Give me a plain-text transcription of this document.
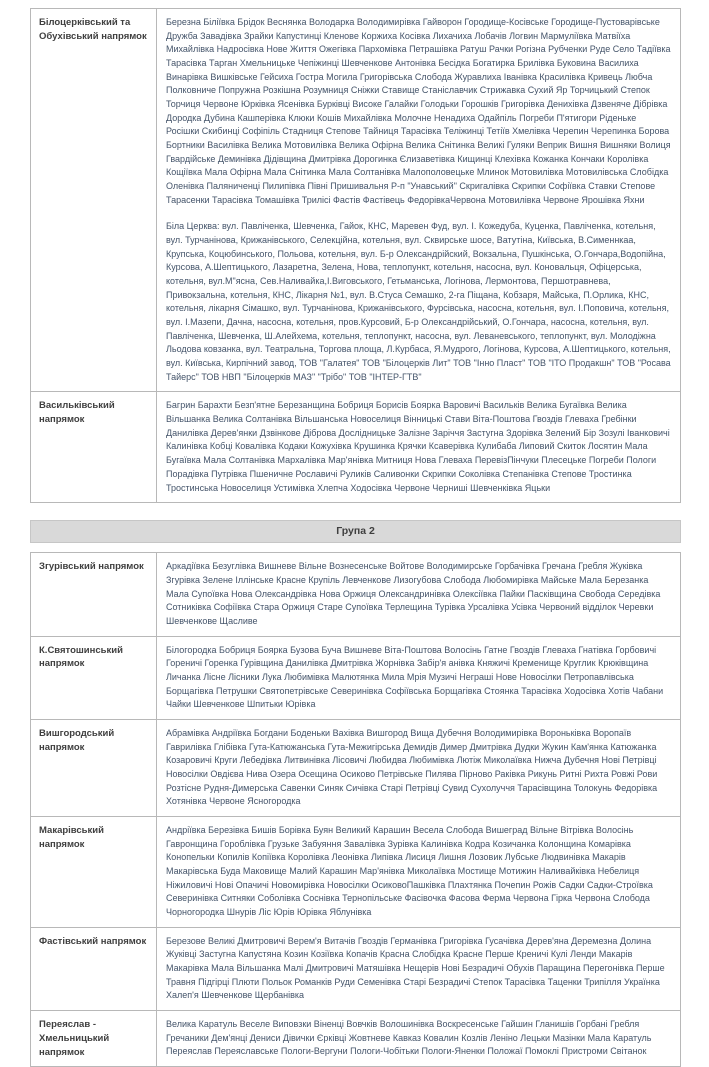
Білоцерківський та Обухівський напрямок	Березна Біліївка Брідок Веснянка Володарка Володимирівка Гайворон Городище-Косівське Городище-Пустоварівське Дружба Завадівка Зрайки Капустинці Кленове Коржиха Косівка Лихачиха Лобачів Логвин Мармуліївка Матвіїха Михайлівка Надросівка Нове Життя Ожегівка Пархомівка Петрашівка Ратуш Рачки Рогізна Рубченки Руде Село Тадіївка Тарасівка Тарган Хмельницьке Чепіжинці Шевченкове Антонівка Бесідка Богатирка Брилівка Буковина Василиха Винарівка Вишківське Гейсиха Гостра Могила Григорівська Слобода Журавлиха Іванівка Красилівка Кривець Любча Полковниче Попружна Розкішна Розумниця Сніжки Ставище Станіславчик Стрижавка Сухий Яр Торчицький Степок Торчиця Червоне Юрківка Ясенівка Бурківці Високе Галайки Голодьки Горошків Григорівка Денихівка Дзвеняче Дібрівка Дородка Дубина Кашперівка Клюки Кошів Михайлівка Молочне Ненадиха Одайпіль Погреби П'ятигори Ріденьке Росішки Скибинці Софіпіль Стадниця Степове Тайниця Тарасівка Теліжинці Тетіїв Хмелівка Черепин Черепинка Борова Бортники Василівка Велика Мотовилівка Велика Офірна Велика Снітинка Великі Гуляки Веприк Вишня Вишняки Волиця Гвардійське Деминівка Дідівщина Дмитрівка Дорогинка Єлизаветівка Кищинці Клехівка Кожанка Кончаки Королівка Кощіївка Мала Офірна Мала Снітинка Мала Солтанівка Малополовецьке Млинок Мотовилівка Мотовилівська Слобідка Оленівка Паляниченці Пилипівка Півні Пришивальня Р-п "Унавський" Скригалівка Скрипки Софіївка Ставки Степове Тарасенки Тарасівка Томашівка Трилісі Фастів Фастівець ФедорівкаЧервона Мотовилівка Червоне Ярошівка Яхни

Біла Церква: вул. Павліченка, Шевченка, Гайок, КНС, Маревен Фуд, вул. І. Кожедуба, Куценка, Павліченка, котельня, вул. Турчанінова, Крижанівського, Селекційна, котельня, вул. Сквирське шосе, Ватутіна, Київська, В.Сименнкаа, Крупська, Коцюбинського, Польова, котельня, вул. Б-р Олександрійский, Вокзальна, Пушкінська, О.Гончара,Водопійна, Курсова, А.Шептицького, Лазаретна, Зелена, Нова, теплопункт, котельня, насосна, вул. Коновальця, Офіцерська, котельня, вул.М"ясна, Сев.Наливайка,І.Виговського, Гетьманська, Логінова, Лермонтова, Першотравнева, Привокзальна, котельня, КНС, Лікарня №1, вул. В.Стуса Семашко, 2-га Піщана, Кобзаря, Майська, П.Орлика, КНС, котельня, лікарня Сімашко, вул. Турчанінова, Крижанівського, Фурсівська, насосна, котельня, вул. І.Поповича, котельня, вул. І.Мазепи, Дачна, насосна, котельня, пров.Курсовий, Б-р Олександрійський, О.Гончара, насосна, котельня, вул. Павліченка, Шевченка, Ш.Алейхема, котельня, теплопункт, насосна, вул. Леваневського, теплопункт, вул. Молодіжна Льодова ковзанка, вул. Театральна, Торгова площа, Л.Курбаса, Я.Мудрого, Логінова, Курсова, А.Шептицького, котельня, вул. Київська, Кирпічний завод, ТОВ "Галатея" ТОВ "Білоцерків Лит" ТОВ "Інно Пласт" ТОВ "ІТО Продакшн" ТОВ "Росава Тайерс" ТОВ НВП "Білоцерків МАЗ" "Трібо" ТОВ "ІНТЕР-ГТВ"

Васильківський напрямок	Багрин Барахти Безп'ятне Березанщина Бобриця Борисів Боярка Варовичі Васильків Велика Бугаївка Велика Вільшанка Велика Солтанівка Вільшанська Новоселиця Вінницькі Стави Віта-Поштова Гвоздів Глеваха Гребінки Данилівка Дерев'янки Дзвінкове Діброва Дослідницьке Залізне Заріччя Застугна Здорівка Зелений Бір Зозулі Іванковичі Калинівка Кобці Ковалівка Кодаки Кожухівка Крушинка Крячки Ксаверівка Кулибаба Липовий Скиток Лосятин Мала Бугаївка Мала Солтанівка Мархалівка Мар'янівка Митниця Нова Глеваха ПеревізПінчуки Плесецьке Погреби Пологи Порадівка Путрівка Пшеничне Рославичі Руликів Саливонки Скрипки Соколівка Степанівка Степове Тростинка Тростинська Новоселиця Устимівка Хлепча Ходосівка Червоне Черниші Шевченківка Яцьки

Група 2
Згурівський напрямок	Аркадіївка Безуглівка Вишневе Вільне Вознесенське Войтове Володимирське Горбачівка Гречана Гребля Жуківка Згурівка Зелене Іллінське Красне Крупіль Левченкове Лизогубова Слобода Любомирівка Майське Мала Березанка Мала Супоївка Нова Олександрівка Нова Оржиця Олександринівка Олексіївка Пайки Пасківщина Свобода Середівка Сотниківка Софіївка Стара Оржиця Старе Супоївка Терлещина Турівка Урсалівка Усівка Червоний відділок Черевки Шевченкове Щасливе

К.Святошинський напрямок	Білогородка Бобриця Боярка Бузова Буча Вишневе Віта-Поштова Волосінь Гатне Гвоздів Глеваха Гнатівка Горбовичі Гореничі Горенка Гурівщина Данилівка Дмитрівка Жорнівка Забір'я анівка Княжичі Кременище Круглик Крюківщина Личанка Лісне Лісники Лука Любимівка Малютянка Мила Мрія Музичі Неграші Нове Новосілки Петропавлівська Борщагівка Петрушки Святопетрівське Северинівка Софіївська Борщагівка Стоянка Тарасівка Ходосівка Хотів Чабани Чайки Шевченкове Шпитьки Юрівка

Вишгородський напрямок	Абрамівка Андріївка Богдани Боденьки Вахівка Вишгород Вища Дубечня Володимирівка Вороньківка Воропаїв Гаврилівка Глібівка Гута-Катюжанська Гута-Межигірська Демидів Димер Дмитрівка Дудки Жукин Кам'янка Катюжанка Козаровичі Круги Лебедівка Литвинівка Лісовичі Любидва Любимівка Лютіж Миколаївка Нижча Дубечня Нові Петрівці Новосілки Овдієва Нива Озера Осещина Осиково Петрівське Пилява Пірново Раківка Рикунь Ритні Рихта Ровжі Рови Розтісне Рудня-Димерська Савенки Синяк Сичівка Старі Петрівці Сувид Сухолуччя Тарасівщина Толокунь Федорівка Хотянівка Червоне Ясногородка

Макарівський напрямок	Андріївка Березівка Бишів Борівка Буян Великий Карашин Весела Слобода Вишеград Вільне Вітрівка Волосінь Гавронщина Гороблівка Грузьке Забуяння Завалівка Зурівка Калинівка Кодра Козичанка Колонщина Комарівка Конопельки Копилів Копіївка Королівка Леонівка Липівка Лисиця Лишня Лозовик Лубське Людвинівка Макарів Макарівська Буда Маковище Малий Карашин Мар'янівка Миколаївка Мостище Мотижин Наливайківка Небелиця Ніжиловичі Нові Опачичі Новомирівка Новосілки ОсиковоПашківка Плахтянка Почепин Рожів Садки Садки-Строївка Северинівка Ситняки Соболівка Соснівка Тернопільське Фасівочка Фасова Ферма Червона Гірка Червона Слобода Чорногородка Шнурів Ліс Юрів Юрівка Яблунівка

Фастівський напрямок	Березове Великі Дмитровичі Верем'я Витачів Гвоздів Германівка Григорівка Гусачівка Дерев'яна Деремезна Долина Жуківці Застугна Капустяна Козин Козіївка Копачів Красна Слобідка Красне Перше Креничі Кулі Ленди Макарів Макарівка Мала Вільшанка Малі Дмитровичі Матяшівка Нещерів Нові Безрадичі Обухів Паращина Перегонівка Перше Травня Підгірці Плюти Польок Романків Руди Семенівка Старі Безрадичі Степок Тарасівка Таценки Трипілля Українка Халеп'я Шевченкове Щербанівка

Переяслав - Хмельницький напрямок	Велика Каратуль Веселе Виповзки Віненці Вовчків Волошинівка Воскресенське Гайшин Гланишів Горбані Гребля Гречаники Дем'янці Дениси Дівички Єрківці Жовтневе Кавказ Ковалин Козлів Леніно Лецьки Мазінки Мала Каратуль Переяслав Переяславське Пологи-Вергуни Пологи-Чобітьки Пологи-Яненки Положаї Помоклі Пристроми Світанок
